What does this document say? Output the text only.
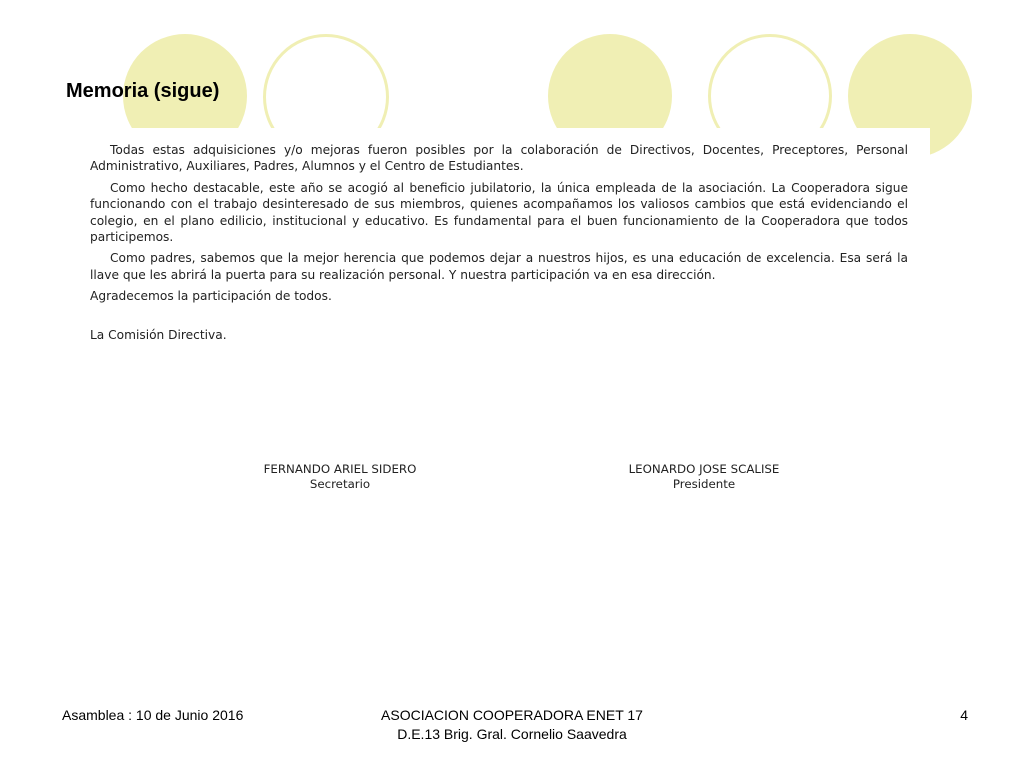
Memoria (sigue)

Todas estas adquisiciones y/o mejoras fueron posibles por la colaboración de Directivos, Docentes, Preceptores, Personal Administrativo, Auxiliares, Padres, Alumnos y el Centro de Estudiantes.

Como hecho destacable, este año se acogió al beneficio jubilatorio, la única empleada de la asociación. La Cooperadora sigue funcionando con el trabajo desinteresado de sus miembros, quienes acompañamos los valiosos cambios que está evidenciando el colegio, en el plano edilicio, institucional y educativo. Es fundamental para el buen funcionamiento de la Cooperadora que todos participemos.

Como padres, sabemos que la mejor herencia que podemos dejar a nuestros hijos, es una educación de excelencia. Esa será la llave que les abrirá la puerta para su realización personal. Y nuestra participación va en esa dirección.

Agradecemos la participación de todos.

La Comisión Directiva.

FERNANDO ARIEL SIDERO
Secretario
LEONARDO JOSE SCALISE
Presidente
Asamblea : 10 de Junio 2016	ASOCIACION COOPERADORA ENET 17
D.E.13 Brig. Gral. Cornelio Saavedra
4
